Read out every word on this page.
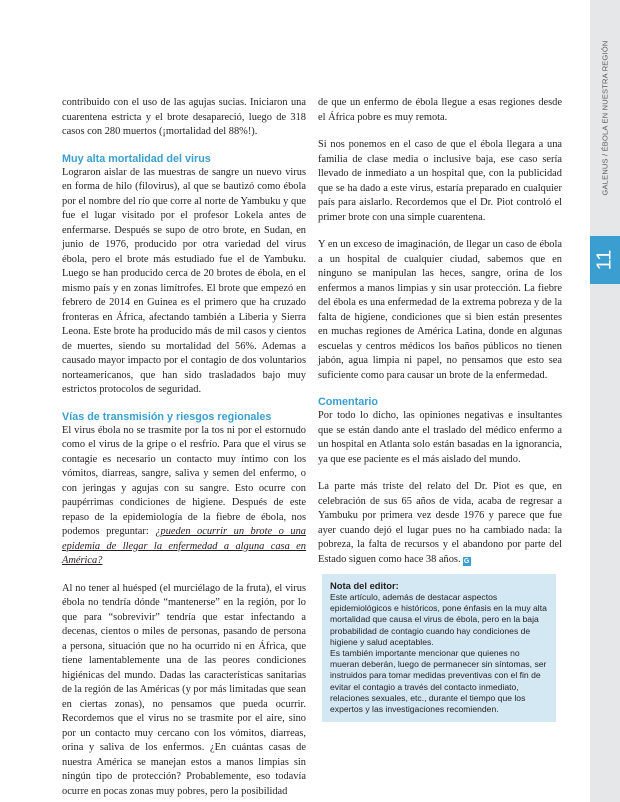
GALENUS / ÉBOLA EN NUESTRA REGIÓN
11

contribuido con el uso de las agujas sucias. Iniciaron una cuarentena estricta y el brote desapareció, luego de 318 casos con 280 muertos (¡mortalidad del 88%!).

Muy alta mortalidad del virus

Lograron aislar de las muestras de sangre un nuevo virus en forma de hilo (filovirus), al que se bautizó como ébola por el nombre del río que corre al norte de Yambuku y que fue el lugar visitado por el profesor Lokela antes de enfermarse. Después se supo de otro brote, en Sudan, en junio de 1976, producido por otra variedad del virus ébola, pero el brote más estudiado fue el de Yambuku. Luego se han producido cerca de 20 brotes de ébola, en el mismo país y en zonas limítrofes. El brote que empezó en febrero de 2014 en Guinea es el primero que ha cruzado fronteras en África, afectando también a Liberia y Sierra Leona. Este brote ha producido más de mil casos y cientos de muertes, siendo su mortalidad del 56%. Ademas a causado mayor impacto por el contagio de dos voluntarios norteamericanos, que han sido trasladados bajo muy estrictos protocolos de seguridad.

Vías de transmisión y riesgos regionales

El virus ébola no se trasmite por la tos ni por el estornudo como el virus de la gripe o el resfrío. Para que el virus se contagie es necesario un contacto muy íntimo con los vómitos, diarreas, sangre, saliva y semen del enfermo, o con jeringas y agujas con su sangre. Esto ocurre con paupérrimas condiciones de higiene. Después de este repaso de la epidemiología de la fiebre de ébola, nos podemos preguntar: ¿pueden ocurrir un brote o una epidemia de llegar la enfermedad a alguna casa en América?

Al no tener al huésped (el murciélago de la fruta), el virus ébola no tendría dónde “mantenerse” en la región, por lo que para “sobrevivir” tendría que estar infectando a decenas, cientos o miles de personas, pasando de persona a persona, situación que no ha ocurrido ni en África, que tiene lamentablemente una de las peores condiciones higiénicas del mundo. Dadas las características sanitarias de la región de las Américas (y por más limitadas que sean en ciertas zonas), no pensamos que pueda ocurrir. Recordemos que el virus no se trasmite por el aire, sino por un contacto muy cercano con los vómitos, diarreas, orina y saliva de los enfermos. ¿En cuántas casas de nuestra América se manejan estos a manos limpias sin ningún tipo de protección? Probablemente, eso todavía ocurre en pocas zonas muy pobres, pero la posibilidad

de que un enfermo de ébola llegue a esas regiones desde el África pobre es muy remota.

Si nos ponemos en el caso de que el ébola llegara a una familia de clase media o inclusive baja, ese caso sería llevado de inmediato a un hospital que, con la publicidad que se ha dado a este virus, estaría preparado en cualquier país para aislarlo. Recordemos que el Dr. Piot controló el primer brote con una simple cuarentena.

Y en un exceso de imaginación, de llegar un caso de ébola a un hospital de cualquier ciudad, sabemos que en ninguno se manipulan las heces, sangre, orina de los enfermos a manos limpias y sin usar protección. La fiebre del ébola es una enfermedad de la extrema pobreza y de la falta de higiene, condiciones que si bien están presentes en muchas regiones de América Latina, donde en algunas escuelas y centros médicos los baños públicos no tienen jabón, agua limpia ni papel, no pensamos que esto sea suficiente como para causar un brote de la enfermedad.

Comentario

Por todo lo dicho, las opiniones negativas e insultantes que se están dando ante el traslado del médico enfermo a un hospital en Atlanta solo están basadas en la ignorancia, ya que ese paciente es el más aislado del mundo.

La parte más triste del relato del Dr. Piot es que, en celebración de sus 65 años de vida, acaba de regresar a Yambuku por primera vez desde 1976 y parece que fue ayer cuando dejó el lugar pues no ha cambiado nada: la pobreza, la falta de recursos y el abandono por parte del Estado siguen como hace 38 años. G

Nota del editor:

Este artículo, además de destacar aspectos epidemiológicos e históricos, pone énfasis en la muy alta mortalidad que causa el virus de ébola, pero en la baja probabilidad de contagio cuando hay condiciones de higiene y salud aceptables.

Es también importante mencionar que quienes no mueran deberán, luego de permanecer sin síntomas, ser instruidos para tomar medidas preventivas con el fin de evitar el contagio a través del contacto inmediato, relaciones sexuales, etc., durante el tiempo que los expertos y las investigaciones recomienden.
